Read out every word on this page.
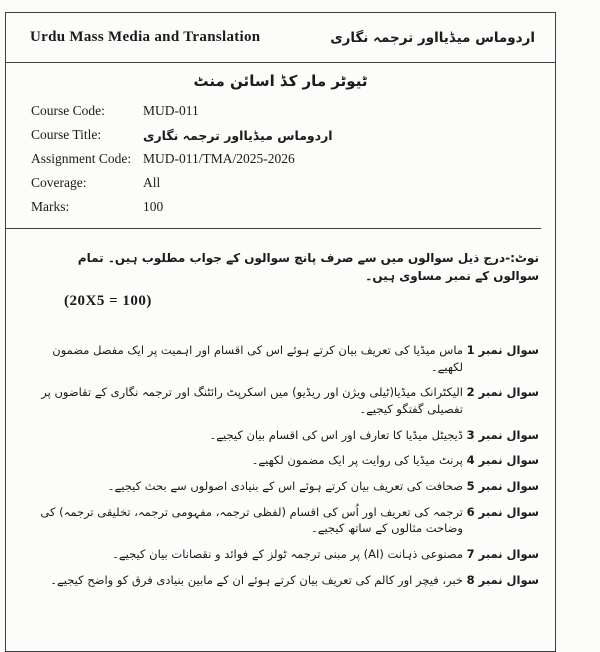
Urdu Mass Media and Translation	اردوماس میڈیااور ترجمہ نگاری
ٹیوٹر مار کڈ اسائن منٹ
Course Code:	MUD-011
Course Title:	اردوماس میڈیااور ترجمہ نگاری
Assignment Code: MUD-011/TMA/2025-2026
Coverage:	All
Marks:	100
نوٹ:-درج ذیل سوالوں میں سے صرف پانچ سوالوں کے جواب مطلوب ہیں۔ تمام سوالوں کے نمبر مساوی ہیں۔
(20X5 = 100)
سوال نمبر 1
ماس میڈیا کی تعریف بیان کرتے ہوئے اس کی اقسام اور اہمیت پر ایک مفصل مضمون لکھیے۔
سوال نمبر 2
الیکٹرانک میڈیا(ٹیلی ویژن اور ریڈیو) میں اسکرپٹ رائٹنگ اور ترجمہ نگاری کے تقاضوں پر تفصیلی گفتگو کیجیے۔
سوال نمبر 3
ڈیجیٹل میڈیا کا تعارف اور اس کی اقسام بیان کیجیے۔
سوال نمبر 4
پرنٹ میڈیا کی روایت پر ایک مضمون لکھیے۔
سوال نمبر 5
صحافت کی تعریف بیان کرتے ہوئے اس کے بنیادی اصولوں سے بحث کیجیے۔
سوال نمبر 6
ترجمہ کی تعریف اور اُس کی اقسام (لفظی ترجمہ، مفہومی ترجمہ، تخلیقی ترجمہ) کی وضاحت مثالوں کے ساتھ کیجیے۔
سوال نمبر 7
مصنوعی ذہانت (AI) پر مبنی ترجمہ ٹولز کے فوائد و نقصانات بیان کیجیے۔
سوال نمبر 8
خبر، فیچر اور کالم کی تعریف بیان کرتے ہوئے ان کے مابین بنیادی فرق کو واضح کیجیے۔
